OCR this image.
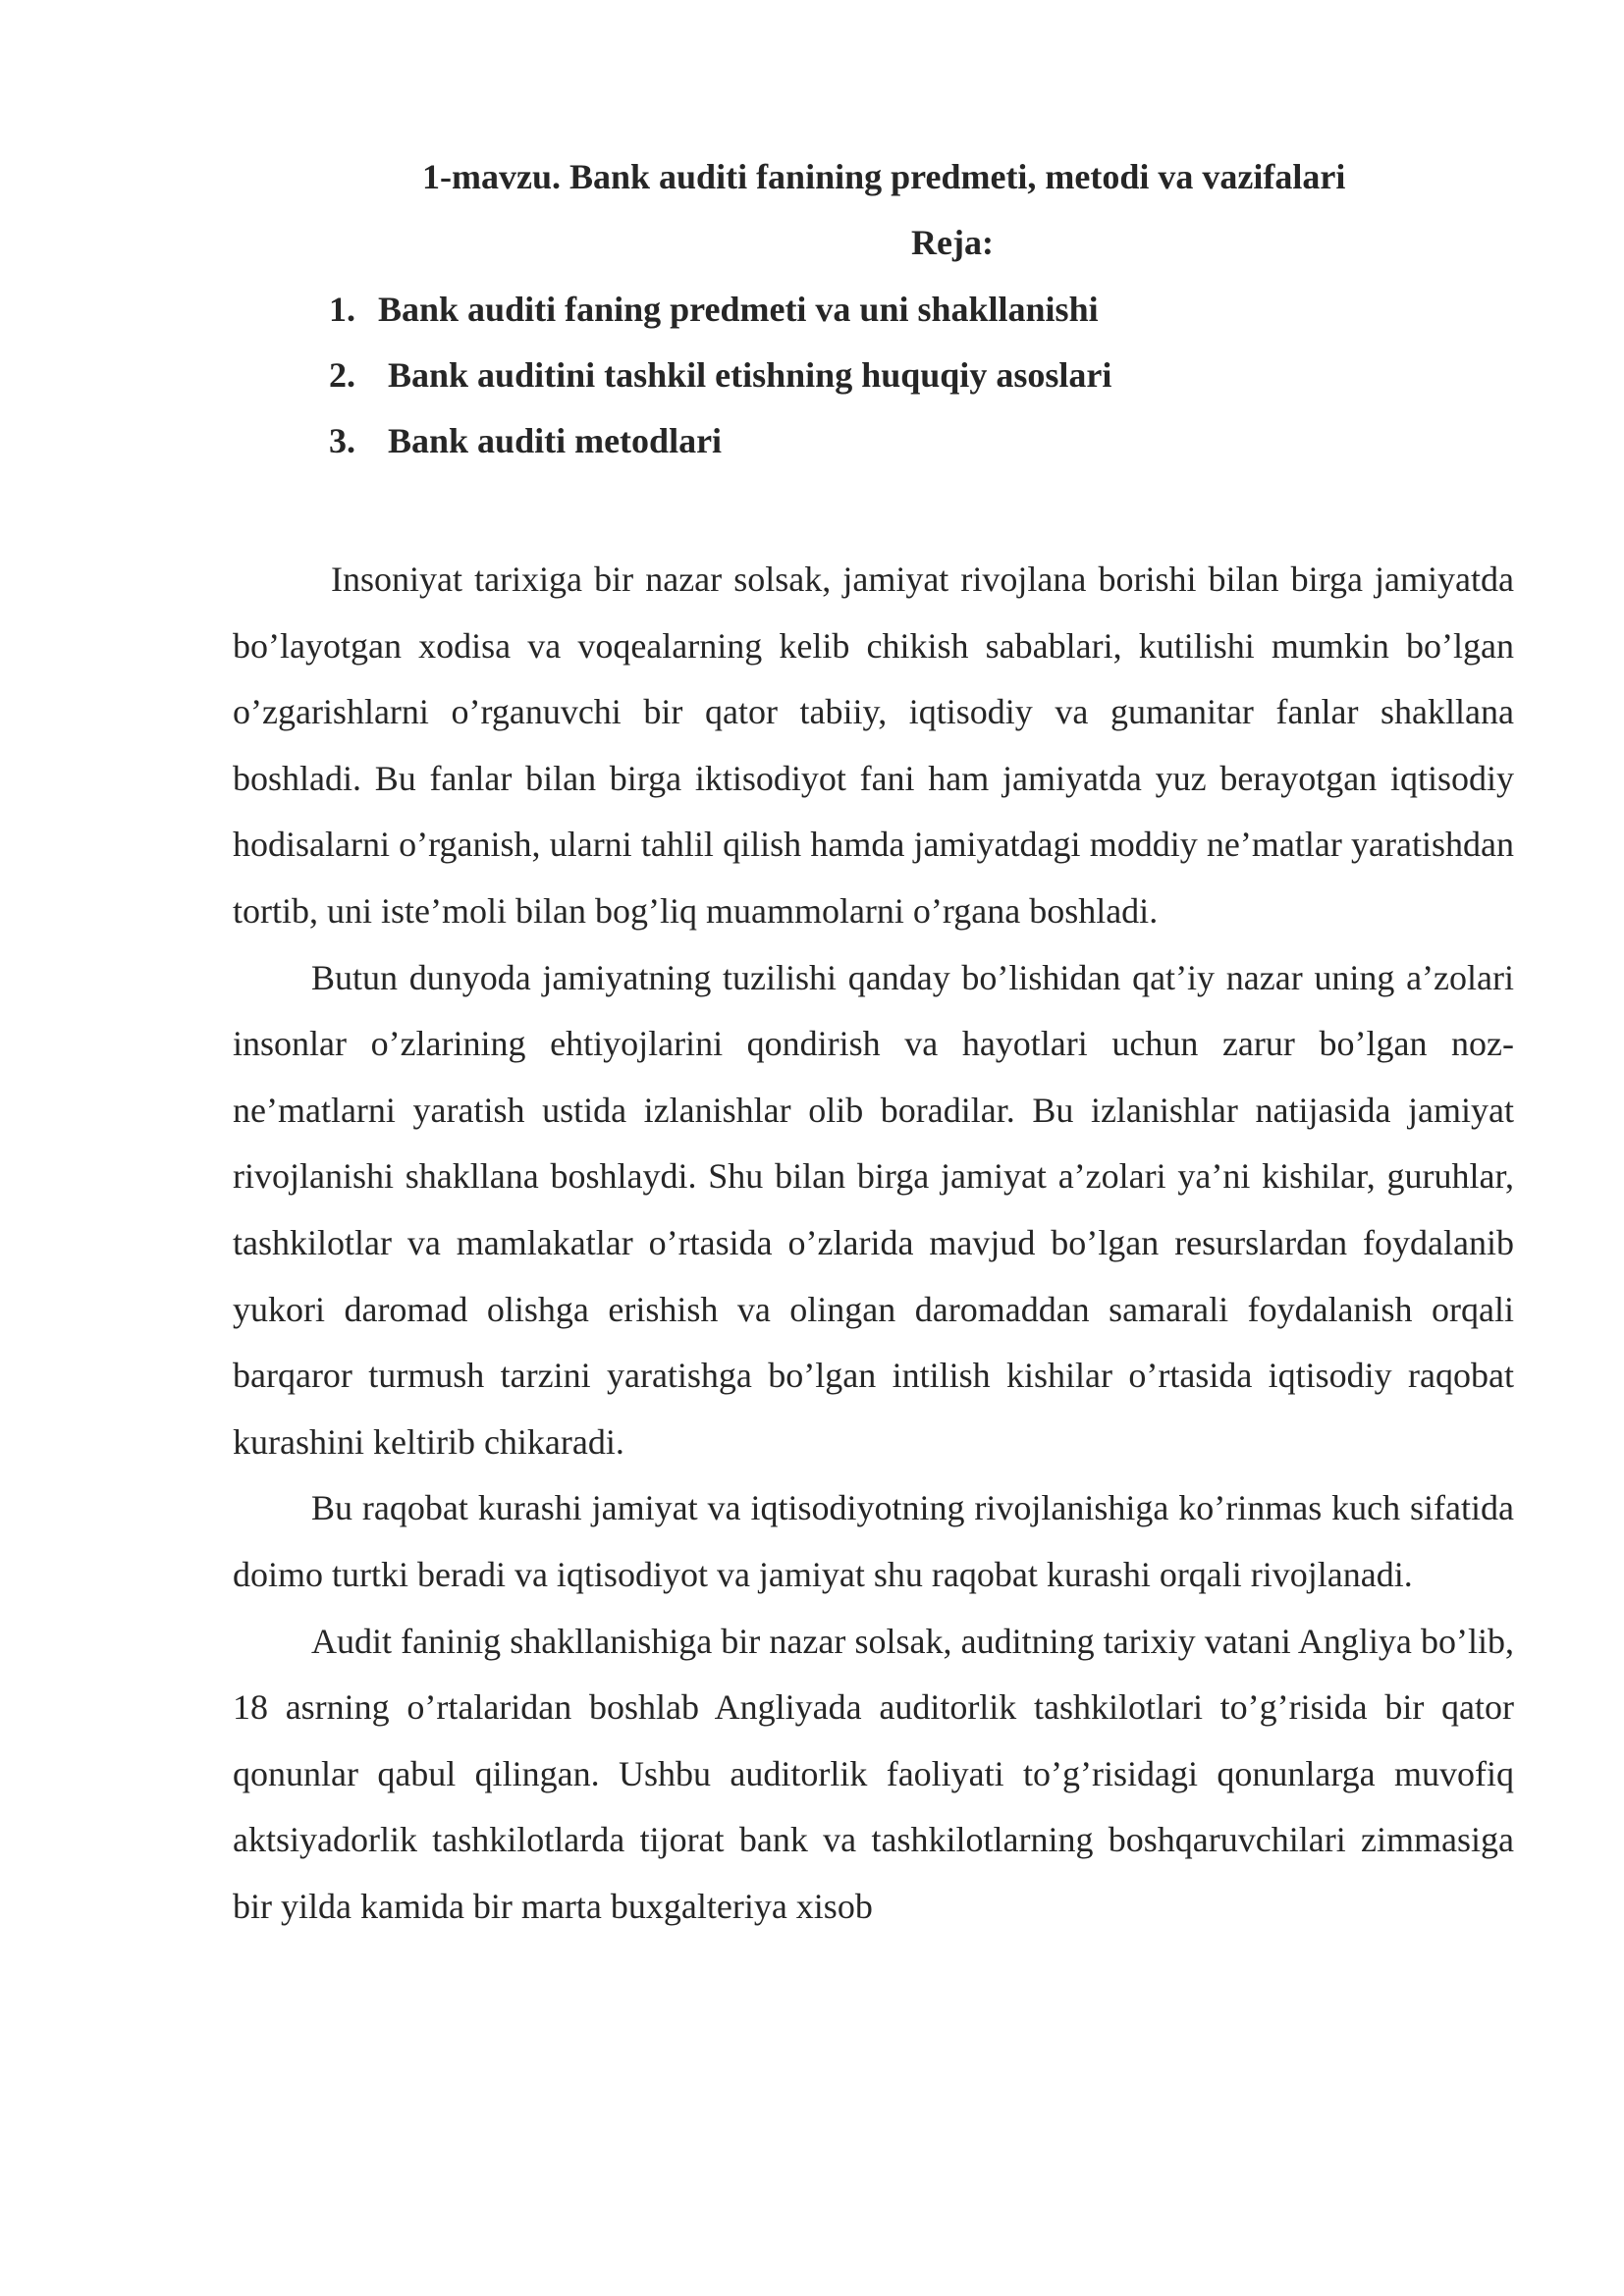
1-mavzu. Bank auditi fanining predmeti, metodi va vazifalari
Reja:
1. Bank auditi faning predmeti va uni shakllanishi
2. Bank auditini tashkil etishning huquqiy asoslari
3. Bank auditi metodlari

Insoniyat tarixiga bir nazar solsak, jamiyat rivojlana borishi bilan birga jamiyatda bo’layotgan xodisa va voqealarning kelib chikish sabablari, kutilishi mumkin bo’lgan o’zgarishlarni o’rganuvchi bir qator tabiiy, iqtisodiy va gumanitar fanlar shakllana boshladi. Bu fanlar bilan birga iktisodiyot fani ham jamiyatda yuz berayotgan iqtisodiy hodisalarni o’rganish, ularni tahlil qilish hamda jamiyatdagi moddiy ne’matlar yaratishdan tortib, uni iste’moli bilan bog’liq muammolarni o’rgana boshladi.

Butun dunyoda jamiyatning tuzilishi qanday bo’lishidan qat’iy nazar uning a’zolari insonlar o’zlarining ehtiyojlarini qondirish va hayotlari uchun zarur bo’lgan noz-ne’matlarni yaratish ustida izlanishlar olib boradilar. Bu izlanishlar natijasida jamiyat rivojlanishi shakllana boshlaydi. Shu bilan birga jamiyat a’zolari ya’ni kishilar, guruhlar, tashkilotlar va mamlakatlar o’rtasida o’zlarida mavjud bo’lgan resurslardan foydalanib yukori daromad olishga erishish va olingan daromaddan samarali foydalanish orqali barqaror turmush tarzini yaratishga bo’lgan intilish kishilar o’rtasida iqtisodiy raqobat kurashini keltirib chikaradi.

Bu raqobat kurashi jamiyat va iqtisodiyotning rivojlanishiga ko’rinmas kuch sifatida doimo turtki beradi va iqtisodiyot va jamiyat shu raqobat kurashi orqali rivojlanadi.

Audit faninig shakllanishiga bir nazar solsak, auditning tarixiy vatani Angliya bo’lib, 18 asrning o’rtalaridan boshlab Angliyada auditorlik tashkilotlari to’g’risida bir qator qonunlar qabul qilingan. Ushbu auditorlik faoliyati to’g’risidagi qonunlarga muvofiq aktsiyadorlik tashkilotlarda tijorat bank va tashkilotlarning boshqaruvchilari zimmasiga bir yilda kamida bir marta buxgalteriya xisob
